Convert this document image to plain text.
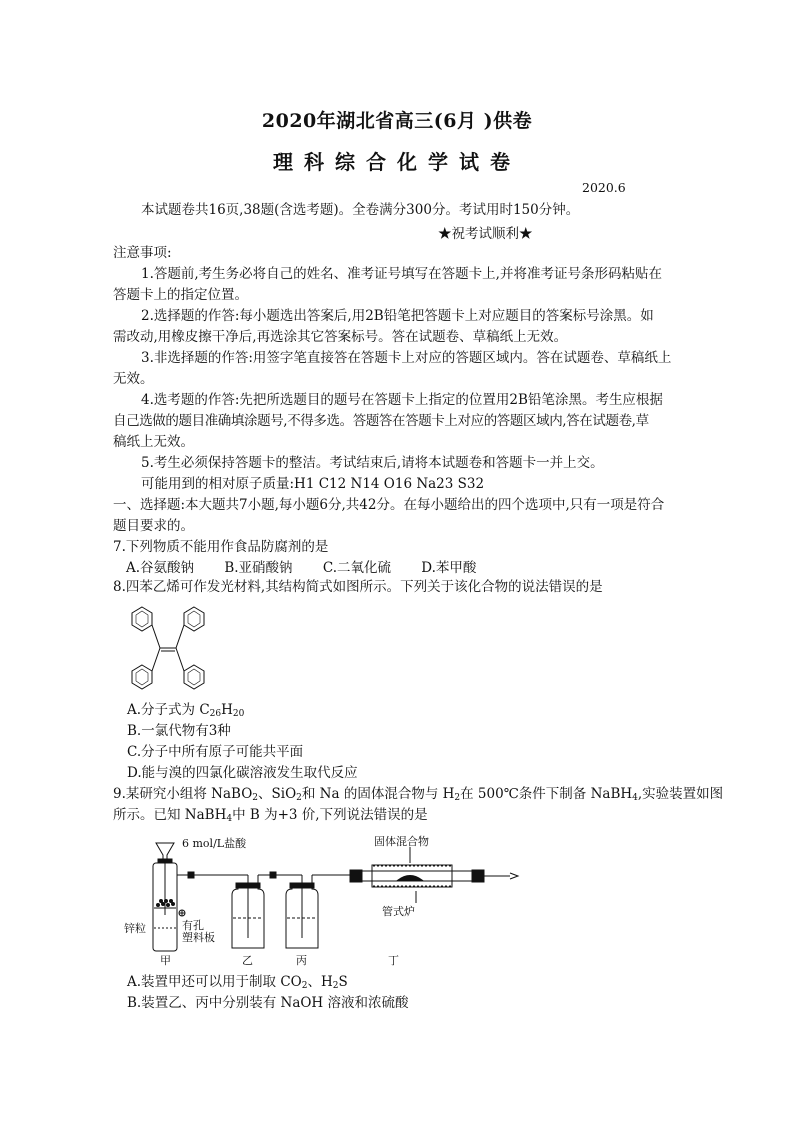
2020年湖北省高三(6月 )供卷
理科综合化学试卷
2020.6
本试题卷共16页,38题(含选考题)。全卷满分300分。考试用时150分钟。
★祝考试顺利★
注意事项:
1.答题前,考生务必将自己的姓名、准考证号填写在答题卡上,并将准考证号条形码粘贴在
答题卡上的指定位置。
2.选择题的作答:每小题选出答案后,用2B铅笔把答题卡上对应题目的答案标号涂黑。如
需改动,用橡皮擦干净后,再选涂其它答案标号。答在试题卷、草稿纸上无效。
3.非选择题的作答:用签字笔直接答在答题卡上对应的答题区域内。答在试题卷、草稿纸上
无效。
4.选考题的作答:先把所选题目的题号在答题卡上指定的位置用2B铅笔涂黑。考生应根据
自己选做的题目准确填涂题号,不得多选。答题答在答题卡上对应的答题区域内,答在试题卷,草
稿纸上无效。
5.考生必须保持答题卡的整洁。考试结束后,请将本试题卷和答题卡一并上交。
可能用到的相对原子质量:H1 C12 N14 O16 Na23 S32
一、选择题:本大题共7小题,每小题6分,共42分。在每小题给出的四个选项中,只有一项是符合
题目要求的。
7.下列物质不能用作食品防腐剂的是
A.谷氨酸钠 B.亚硝酸钠 C.二氧化硫 D.苯甲酸
8.四苯乙烯可作发光材料,其结构简式如图所示。下列关于该化合物的说法错误的是
A.分子式为 $C_{26}H_{20}$
B.一氯代物有3种
C.分子中所有原子可能共平面
D.能与溴的四氯化碳溶液发生取代反应
9.某研究小组将 NaBO$_2$、SiO$_2$和 Na 的固体混合物与 $H_2$在 500℃条件下制备 NaBH$_4$,实验装置如图
所示。已知 NaBH$_4$中 B 为+3 价,下列说法错误的是
6 mol/L盐酸	固体混合物
管式炉
锌粒	有孔
塑料板
甲	乙	丙	丁
A.装置甲还可以用于制取 $CO_2$、$H_2S$
B.装置乙、丙中分别装有 NaOH 溶液和浓硫酸
